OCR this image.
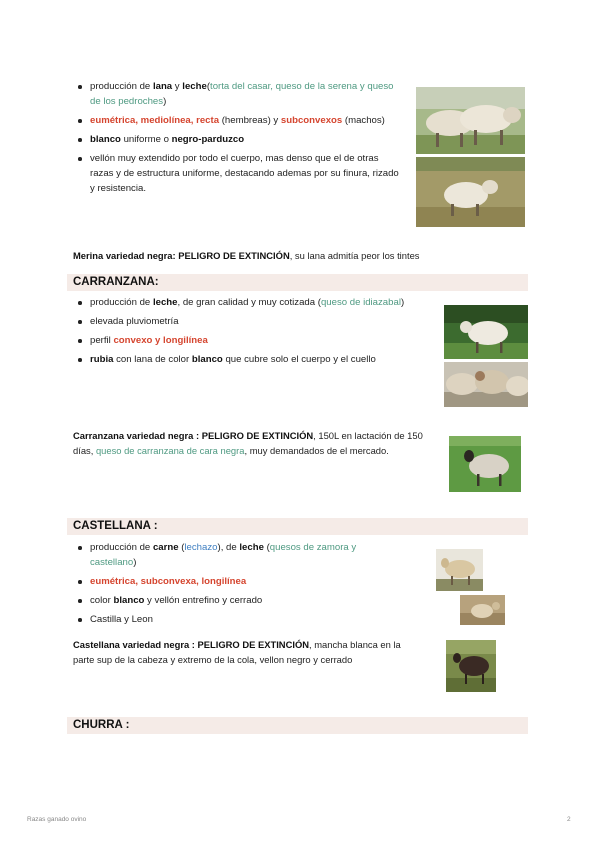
producción de lana y leche(torta del casar, queso de la serena y queso de los pedroches)
eumétrica, mediolínea, recta (hembreas) y subconvexos (machos)
blanco uniforme o negro-parduzco
vellón muy extendido por todo el cuerpo, mas denso que el de otras razas y de estructura uniforme, destacando ademas por su finura, rizado y resistencia.
Merina variedad negra: PELIGRO DE EXTINCIÓN, su lana admitía peor los tintes
CARRANZANA:
producción de leche, de gran calidad y muy cotizada (queso de idiazabal)
elevada pluviometría
perfil convexo y longilínea
rubia con lana de color blanco que cubre solo el cuerpo y el cuello
Carranzana variedad negra : PELIGRO DE EXTINCIÓN, 150L en lactación de 150 días, queso de carranzana de cara negra, muy demandados de el mercado.
CASTELLANA :
producción de carne (lechazo), de leche (quesos de zamora y castellano)
eumétrica, subconvexa, longilínea
color blanco y vellón entrefino y cerrado
Castilla y Leon
Castellana variedad negra : PELIGRO DE EXTINCIÓN, mancha blanca en la parte sup de la cabeza y extremo de la cola, vellon negro y cerrado
CHURRA :
Razas ganado ovino	2
